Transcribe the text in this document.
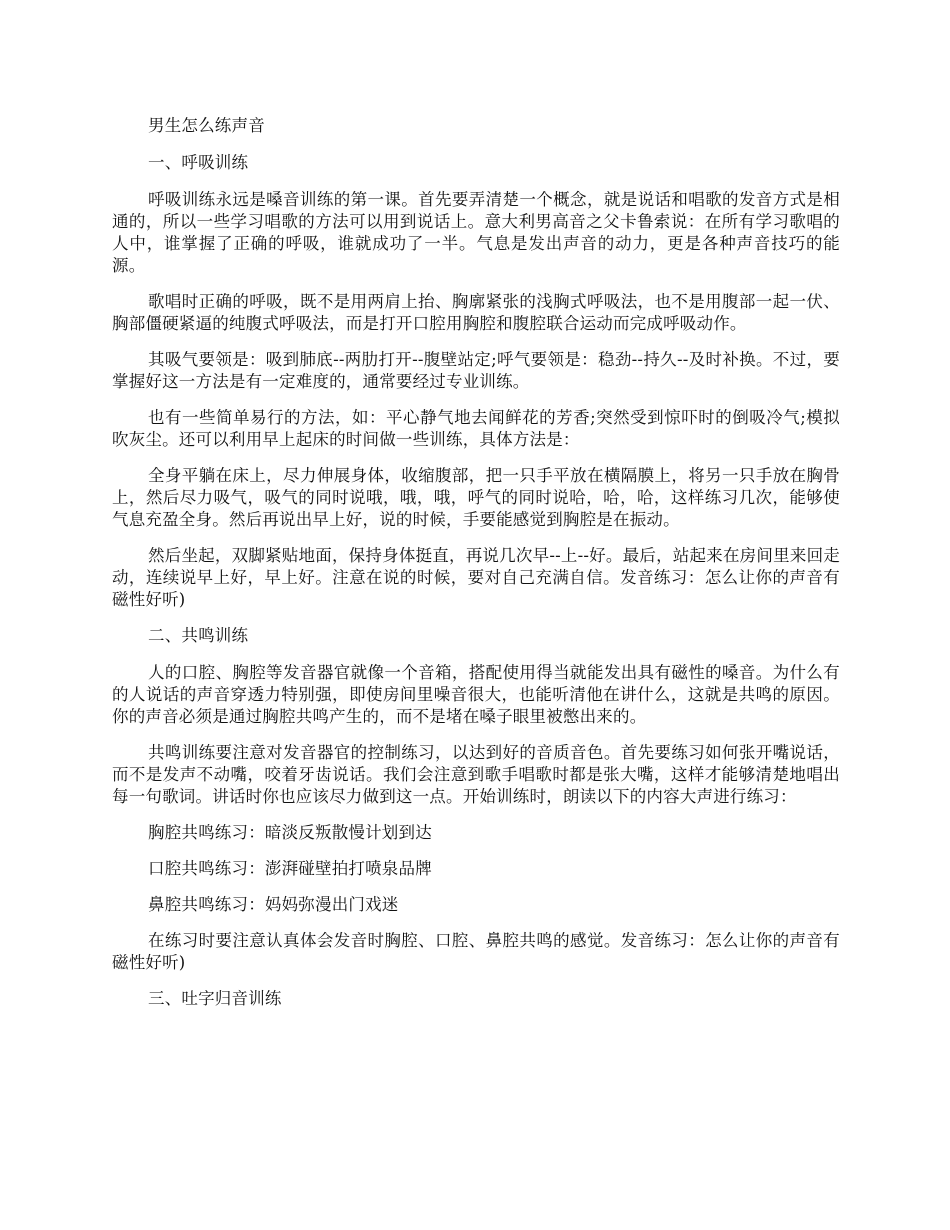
男生怎么练声音
一、呼吸训练
呼吸训练永远是嗓音训练的第一课。首先要弄清楚一个概念，就是说话和唱歌的发音方式是相通的，所以一些学习唱歌的方法可以用到说话上。意大利男高音之父卡鲁索说：在所有学习歌唱的人中，谁掌握了正确的呼吸，谁就成功了一半。气息是发出声音的动力，更是各种声音技巧的能源。
歌唱时正确的呼吸，既不是用两肩上抬、胸廓紧张的浅胸式呼吸法，也不是用腹部一起一伏、胸部僵硬紧逼的纯腹式呼吸法，而是打开口腔用胸腔和腹腔联合运动而完成呼吸动作。
其吸气要领是：吸到肺底--两肋打开--腹壁站定;呼气要领是：稳劲--持久--及时补换。不过，要掌握好这一方法是有一定难度的，通常要经过专业训练。
也有一些简单易行的方法，如：平心静气地去闻鲜花的芳香;突然受到惊吓时的倒吸冷气;模拟吹灰尘。还可以利用早上起床的时间做一些训练，具体方法是：
全身平躺在床上，尽力伸展身体，收缩腹部，把一只手平放在横隔膜上，将另一只手放在胸骨上，然后尽力吸气，吸气的同时说哦，哦，哦，呼气的同时说哈，哈，哈，这样练习几次，能够使气息充盈全身。然后再说出早上好，说的时候，手要能感觉到胸腔是在振动。
然后坐起，双脚紧贴地面，保持身体挺直，再说几次早--上--好。最后，站起来在房间里来回走动，连续说早上好，早上好。注意在说的时候，要对自己充满自信。发音练习：怎么让你的声音有磁性好听)
二、共鸣训练
人的口腔、胸腔等发音器官就像一个音箱，搭配使用得当就能发出具有磁性的嗓音。为什么有的人说话的声音穿透力特别强，即使房间里噪音很大，也能听清他在讲什么，这就是共鸣的原因。你的声音必须是通过胸腔共鸣产生的，而不是堵在嗓子眼里被憋出来的。
共鸣训练要注意对发音器官的控制练习，以达到好的音质音色。首先要练习如何张开嘴说话，而不是发声不动嘴，咬着牙齿说话。我们会注意到歌手唱歌时都是张大嘴，这样才能够清楚地唱出每一句歌词。讲话时你也应该尽力做到这一点。开始训练时，朗读以下的内容大声进行练习：
胸腔共鸣练习：暗淡反叛散慢计划到达
口腔共鸣练习：澎湃碰壁拍打喷泉品牌
鼻腔共鸣练习：妈妈弥漫出门戏迷
在练习时要注意认真体会发音时胸腔、口腔、鼻腔共鸣的感觉。发音练习：怎么让你的声音有磁性好听)
三、吐字归音训练
